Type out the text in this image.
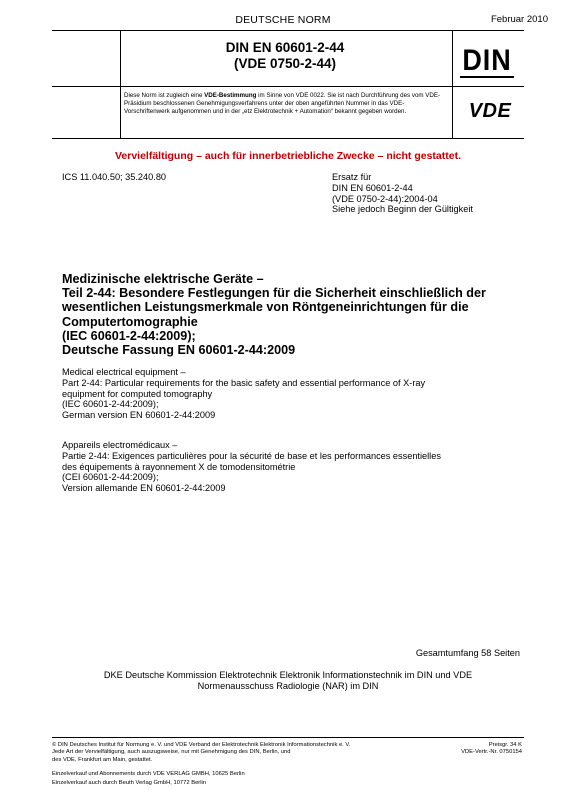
DEUTSCHE NORM	Februar 2010
DIN EN 60601-2-44
(VDE 0750-2-44)	DIN
Diese Norm ist zugleich eine VDE-Bestimmung im Sinne von VDE 0022. Sie ist nach Durchführung des vom VDE-Präsidium beschlossenen Genehmigungsverfahrens unter der oben angeführten Nummer in das VDE-Vorschriftenwerk aufgenommen und in der „etz Elektrotechnik + Automation“ bekannt gegeben worden.	VDE
Vervielfältigung – auch für innerbetriebliche Zwecke – nicht gestattet.
ICS 11.040.50; 35.240.80	Ersatz für
DIN EN 60601-2-44
(VDE 0750-2-44):2004-04
Siehe jedoch Beginn der Gültigkeit
Medizinische elektrische Geräte –
Teil 2-44: Besondere Festlegungen für die Sicherheit einschließlich der
wesentlichen Leistungsmerkmale von Röntgeneinrichtungen für die
Computertomographie
(IEC 60601-2-44:2009);
Deutsche Fassung EN 60601-2-44:2009
Medical electrical equipment –
Part 2-44: Particular requirements for the basic safety and essential performance of X-ray
equipment for computed tomography
(IEC 60601-2-44:2009);
German version EN 60601-2-44:2009
Appareils electromédicaux –
Partie 2-44: Exigences particulières pour la sécurité de base et les performances essentielles
des équipements à rayonnement X de tomodensitométrie
(CEI 60601-2-44:2009);
Version allemande EN 60601-2-44:2009
Gesamtumfang 58 Seiten
DKE Deutsche Kommission Elektrotechnik Elektronik Informationstechnik im DIN und VDE
Normenausschuss Radiologie (NAR) im DIN
© DIN Deutsches Institut für Normung e. V. und VDE Verband der Elektrotechnik Elektronik Informationstechnik e. V.
Jede Art der Vervielfältigung, auch auszugsweise, nur mit Genehmigung des DIN, Berlin, und
des VDE, Frankfurt am Main, gestattet.
Preisgr. 34 K
VDE-Vertr.-Nr. 0750154
Einzelverkauf und Abonnements durch VDE VERLAG GMBH, 10625 Berlin
Einzelverkauf auch durch Beuth Verlag GmbH, 10772 Berlin
